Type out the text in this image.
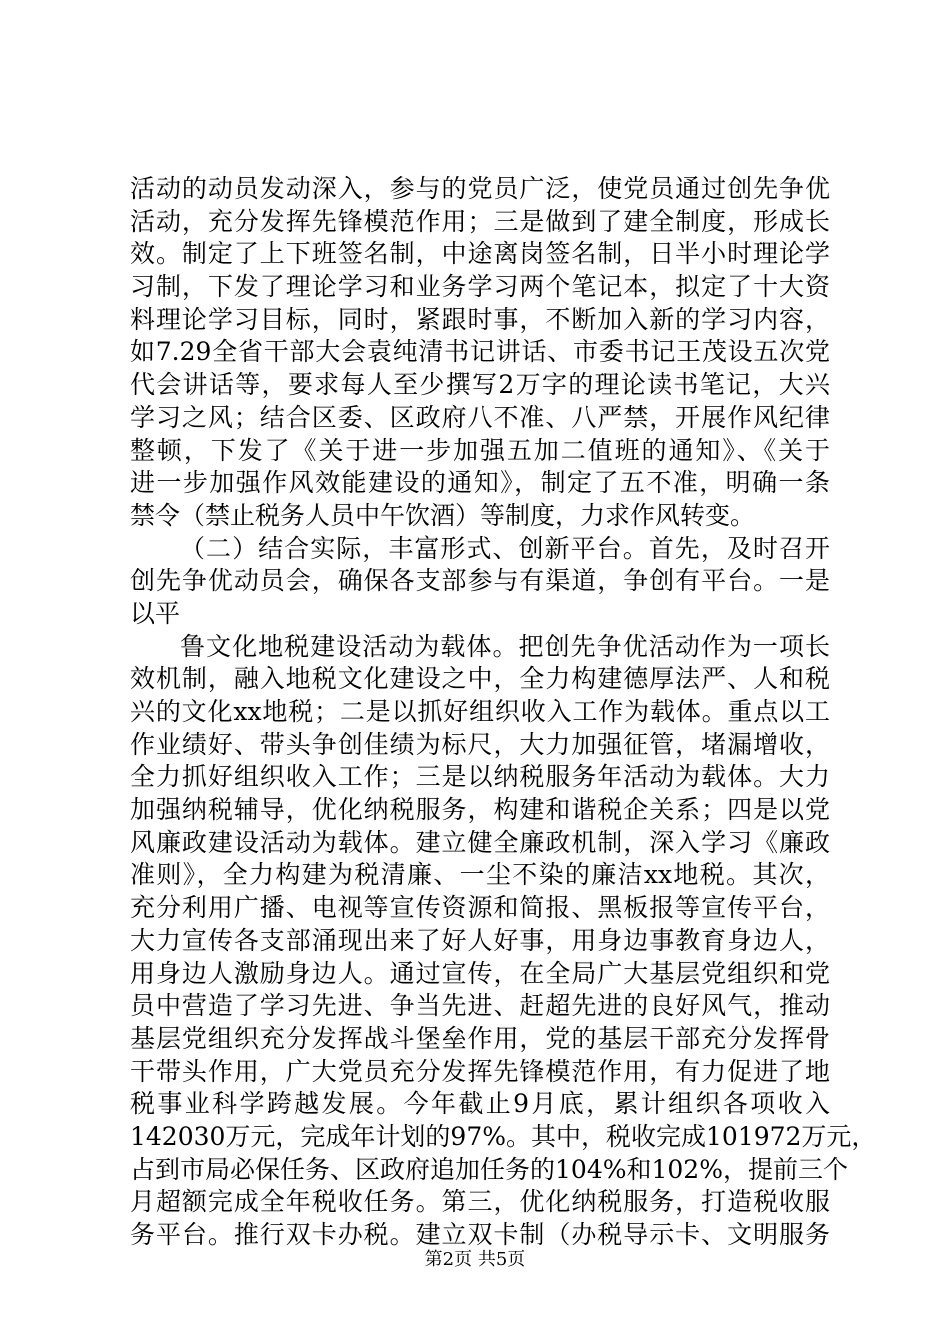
活动的动员发动深入，参与的党员广泛，使党员通过创先争优
活动，充分发挥先锋模范作用；三是做到了建全制度，形成长
效。制定了上下班签名制，中途离岗签名制，日半小时理论学
习制，下发了理论学习和业务学习两个笔记本，拟定了十大资
料理论学习目标，同时，紧跟时事，不断加入新的学习内容，
如7.29全省干部大会袁纯清书记讲话、市委书记王茂设五次党
代会讲话等，要求每人至少撰写2万字的理论读书笔记，大兴
学习之风；结合区委、区政府八不准、八严禁，开展作风纪律
整顿，下发了《关于进一步加强五加二值班的通知》、《关于
进一步加强作风效能建设的通知》，制定了五不准，明确一条
禁令（禁止税务人员中午饮酒）等制度，力求作风转变。
（二）结合实际，丰富形式、创新平台。首先，及时召开
创先争优动员会，确保各支部参与有渠道，争创有平台。一是
以平
鲁文化地税建设活动为载体。把创先争优活动作为一项长
效机制，融入地税文化建设之中，全力构建德厚法严、人和税
兴的文化xx地税；二是以抓好组织收入工作为载体。重点以工
作业绩好、带头争创佳绩为标尺，大力加强征管，堵漏增收，
全力抓好组织收入工作；三是以纳税服务年活动为载体。大力
加强纳税辅导，优化纳税服务，构建和谐税企关系；四是以党
风廉政建设活动为载体。建立健全廉政机制，深入学习《廉政
准则》，全力构建为税清廉、一尘不染的廉洁xx地税。其次，
充分利用广播、电视等宣传资源和简报、黑板报等宣传平台，
大力宣传各支部涌现出来了好人好事，用身边事教育身边人，
用身边人激励身边人。通过宣传，在全局广大基层党组织和党
员中营造了学习先进、争当先进、赶超先进的良好风气，推动
基层党组织充分发挥战斗堡垒作用，党的基层干部充分发挥骨
干带头作用，广大党员充分发挥先锋模范作用，有力促进了地
税事业科学跨越发展。今年截止9月底，累计组织各项收入
142030万元，完成年计划的97%。其中，税收完成101972万元，
占到市局必保任务、区政府追加任务的104%和102%，提前三个
月超额完成全年税收任务。第三，优化纳税服务，打造税收服
务平台。推行双卡办税。建立双卡制（办税导示卡、文明服务
第2页 共5页
